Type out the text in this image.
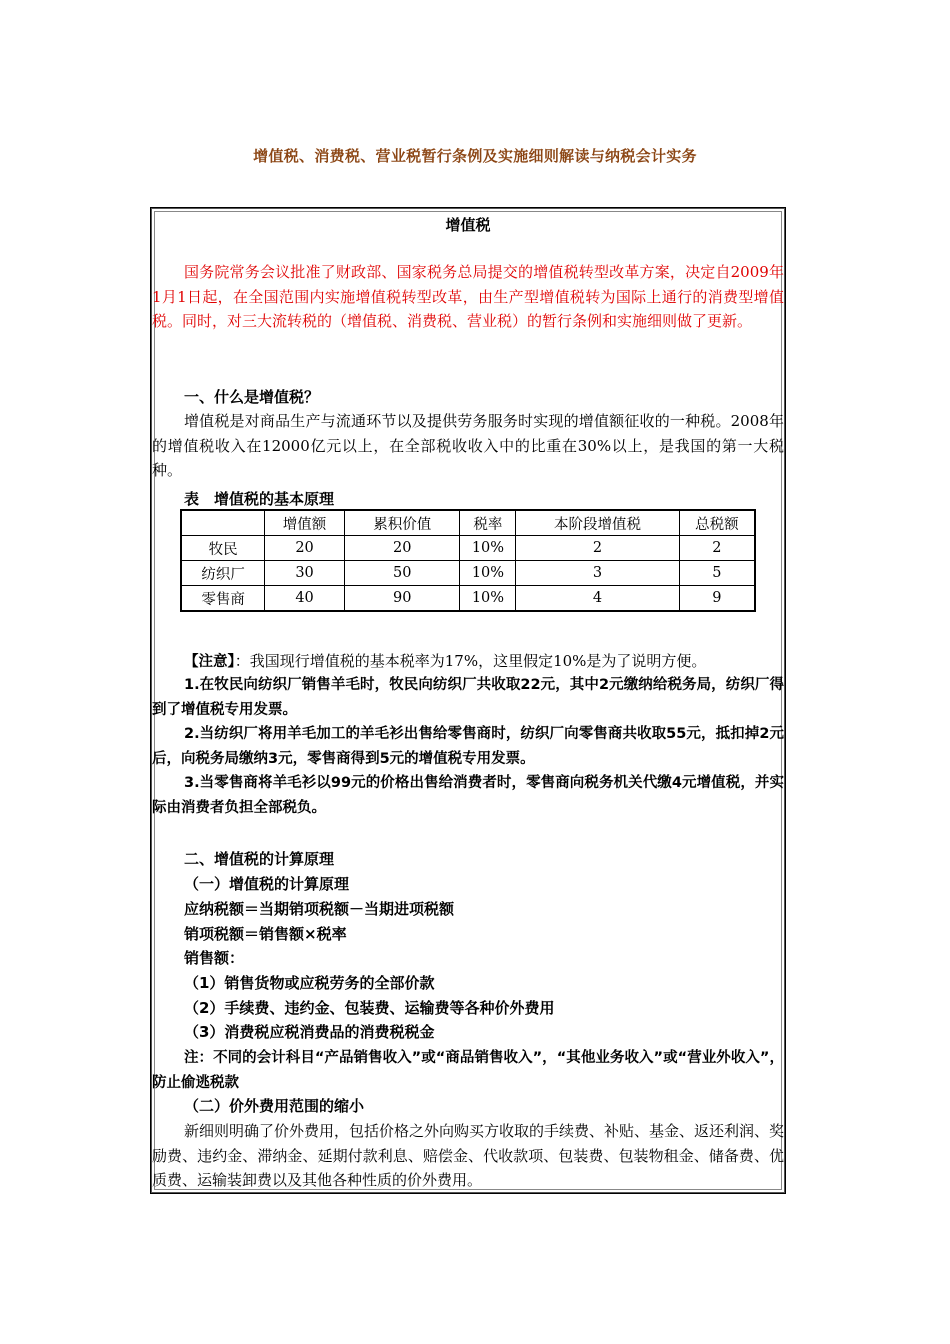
增值税、消费税、营业税暂行条例及实施细则解读与纳税会计实务
增值税
国务院常务会议批准了财政部、国家税务总局提交的增值税转型改革方案，决定自2009年1月1日起，在全国范围内实施增值税转型改革，由生产型增值税转为国际上通行的消费型增值税。同时，对三大流转税的（增值税、消费税、营业税）的暂行条例和实施细则做了更新。
一、什么是增值税？
增值税是对商品生产与流通环节以及提供劳务服务时实现的增值额征收的一种税。2008年的增值税收入在12000亿元以上，在全部税收收入中的比重在30%以上，是我国的第一大税种。
表　增值税的基本原理
	增值额	累积价值	税率	本阶段增值税	总税额
牧民	20	20	10%	2	2
纺织厂	30	50	10%	3	5
零售商	40	90	10%	4	9
【注意】：我国现行增值税的基本税率为17%，这里假定10%是为了说明方便。
1.在牧民向纺织厂销售羊毛时，牧民向纺织厂共收取22元，其中2元缴纳给税务局，纺织厂得到了增值税专用发票。
2.当纺织厂将用羊毛加工的羊毛衫出售给零售商时，纺织厂向零售商共收取55元，抵扣掉2元后，向税务局缴纳3元，零售商得到5元的增值税专用发票。
3.当零售商将羊毛衫以99元的价格出售给消费者时，零售商向税务机关代缴4元增值税，并实际由消费者负担全部税负。
二、增值税的计算原理
（一）增值税的计算原理
应纳税额＝当期销项税额－当期进项税额
销项税额＝销售额×税率
销售额：
（1）销售货物或应税劳务的全部价款
（2）手续费、违约金、包装费、运输费等各种价外费用
（3）消费税应税消费品的消费税税金
注：不同的会计科目“产品销售收入”或“商品销售收入”，“其他业务收入”或“营业外收入”，防止偷逃税款
（二）价外费用范围的缩小
新细则明确了价外费用，包括价格之外向购买方收取的手续费、补贴、基金、返还利润、奖励费、违约金、滞纳金、延期付款利息、赔偿金、代收款项、包装费、包装物租金、储备费、优质费、运输装卸费以及其他各种性质的价外费用。
